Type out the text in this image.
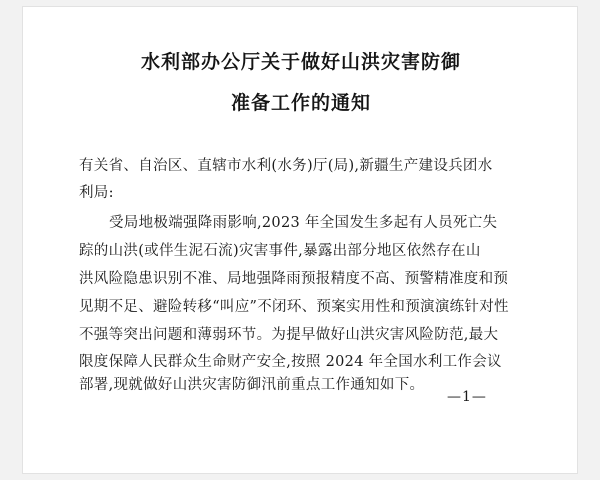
水利部办公厅关于做好山洪灾害防御
准备工作的通知
有关省、自治区、直辖市水利(水务)厅(局),新疆生产建设兵团水
利局:
受局地极端强降雨影响,2023 年全国发生多起有人员死亡失
踪的山洪(或伴生泥石流)灾害事件,暴露出部分地区依然存在山
洪风险隐患识别不准、局地强降雨预报精度不高、预警精准度和预
见期不足、避险转移“叫应”不闭环、预案实用性和预演演练针对性
不强等突出问题和薄弱环节。为提早做好山洪灾害风险防范,最大
限度保障人民群众生命财产安全,按照 2024 年全国水利工作会议
部署,现就做好山洪灾害防御汛前重点工作通知如下。
—1—
